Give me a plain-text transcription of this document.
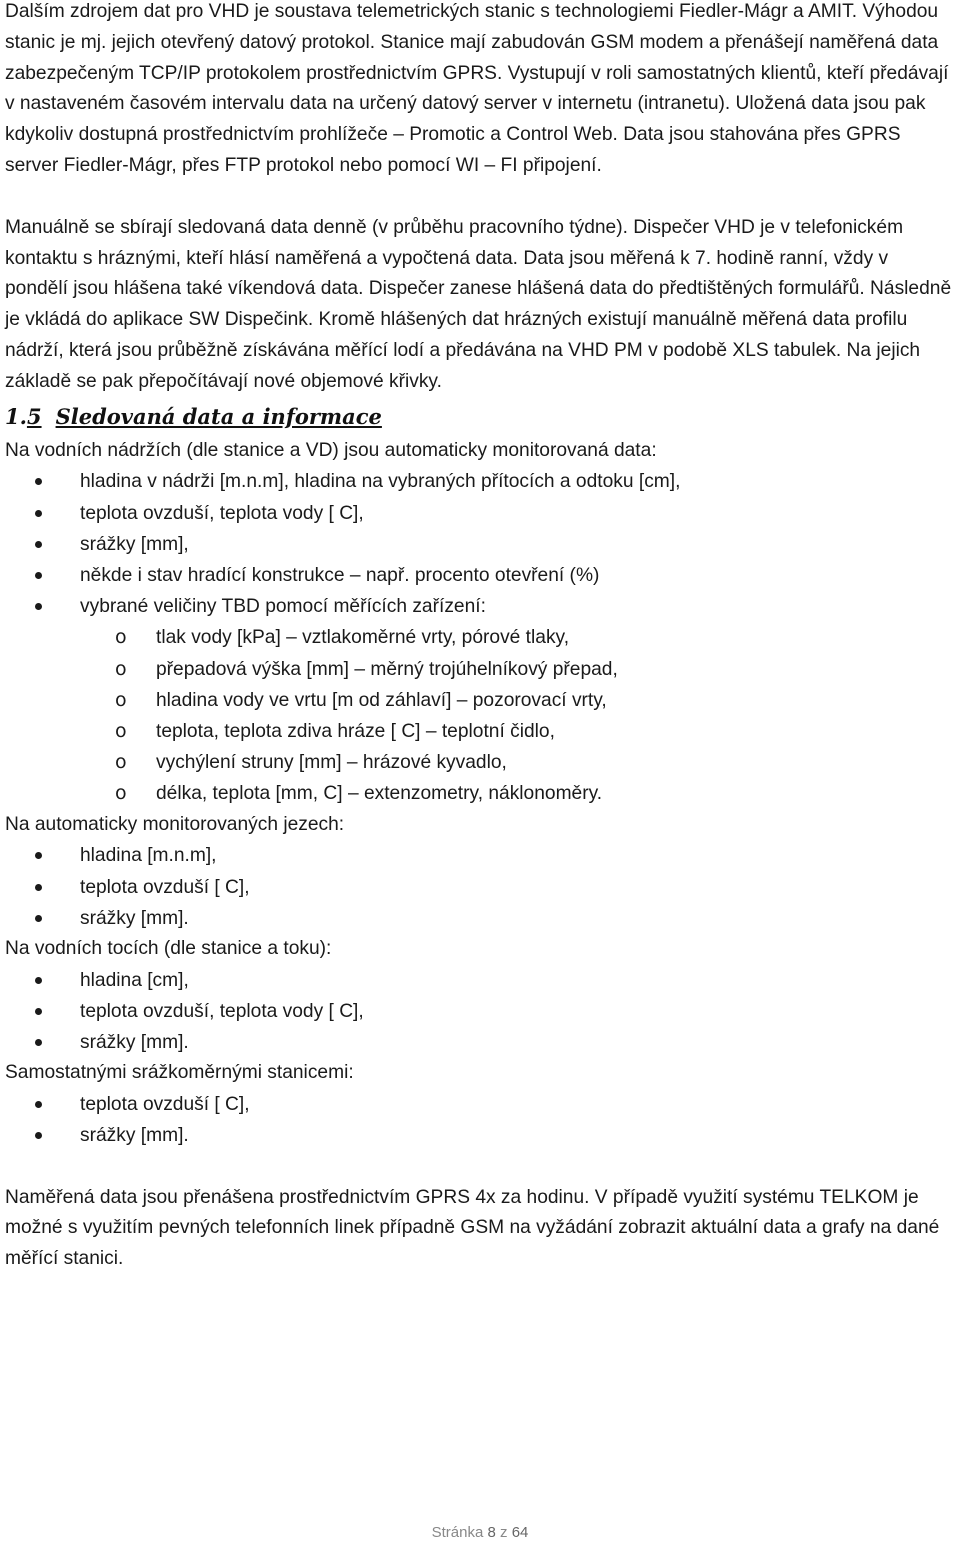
Dalším zdrojem dat pro VHD je soustava telemetrických stanic s technologiemi Fiedler-Mágr a AMIT. Výhodou stanic je mj. jejich otevřený datový protokol. Stanice mají zabudován GSM modem a přenášejí naměřená data zabezpečeným TCP/IP protokolem prostřednictvím GPRS. Vystupují v roli samostatných klientů, kteří předávají v nastaveném časovém intervalu data na určený datový server v internetu (intranetu). Uložená data jsou pak kdykoliv dostupná prostřednictvím prohlížeče – Promotic a Control Web. Data jsou stahována přes GPRS server Fiedler-Mágr, přes FTP protokol nebo pomocí WI – FI připojení.

Manuálně se sbírají sledovaná data denně (v průběhu pracovního týdne). Dispečer VHD je v telefonickém kontaktu s hráznými, kteří hlásí naměřená a vypočtená data. Data jsou měřená k 7. hodině ranní, vždy v pondělí jsou hlášena také víkendová data. Dispečer zanese hlášená data do předtištěných formulářů. Následně je vkládá do aplikace SW Dispečink. Kromě hlášených dat hrázných existují manuálně měřená data profilu nádrží, která jsou průběžně získávána měřící lodí a předávána na VHD PM v podobě XLS tabulek. Na jejich základě se pak přepočítávají nové objemové křivky.

1.5 Sledovaná data a informace

Na vodních nádržích (dle stanice a VD) jsou automaticky monitorovaná data:

hladina v nádrži [m.n.m], hladina na vybraných přítocích a odtoku [cm],
teplota ovzduší, teplota vody [ C],
srážky [mm],
někde i stav hradící konstrukce – např. procento otevření (%)
vybrané veličiny TBD pomocí měřících zařízení:
o tlak vody [kPa] – vztlakoměrné vrty, pórové tlaky,
o přepadová výška [mm] – měrný trojúhelníkový přepad,
o hladina vody ve vrtu [m od záhlaví] – pozorovací vrty,
o teplota, teplota zdiva hráze [ C] – teplotní čidlo,
o vychýlení struny [mm] – hrázové kyvadlo,
o délka, teplota [mm, C] – extenzometry, náklonoměry.

Na automaticky monitorovaných jezech:

hladina [m.n.m],
teplota ovzduší [ C],
srážky [mm].

Na vodních tocích (dle stanice a toku):

hladina [cm],
teplota ovzduší, teplota vody [ C],
srážky [mm].

Samostatnými srážkoměrnými stanicemi:

teplota ovzduší [ C],
srážky [mm].

Naměřená data jsou přenášena prostřednictvím GPRS 4x za hodinu. V případě využití systému TELKOM je možné s využitím pevných telefonních linek případně GSM na vyžádání zobrazit aktuální data a grafy na dané měřící stanici.

Stránka 8 z 64
